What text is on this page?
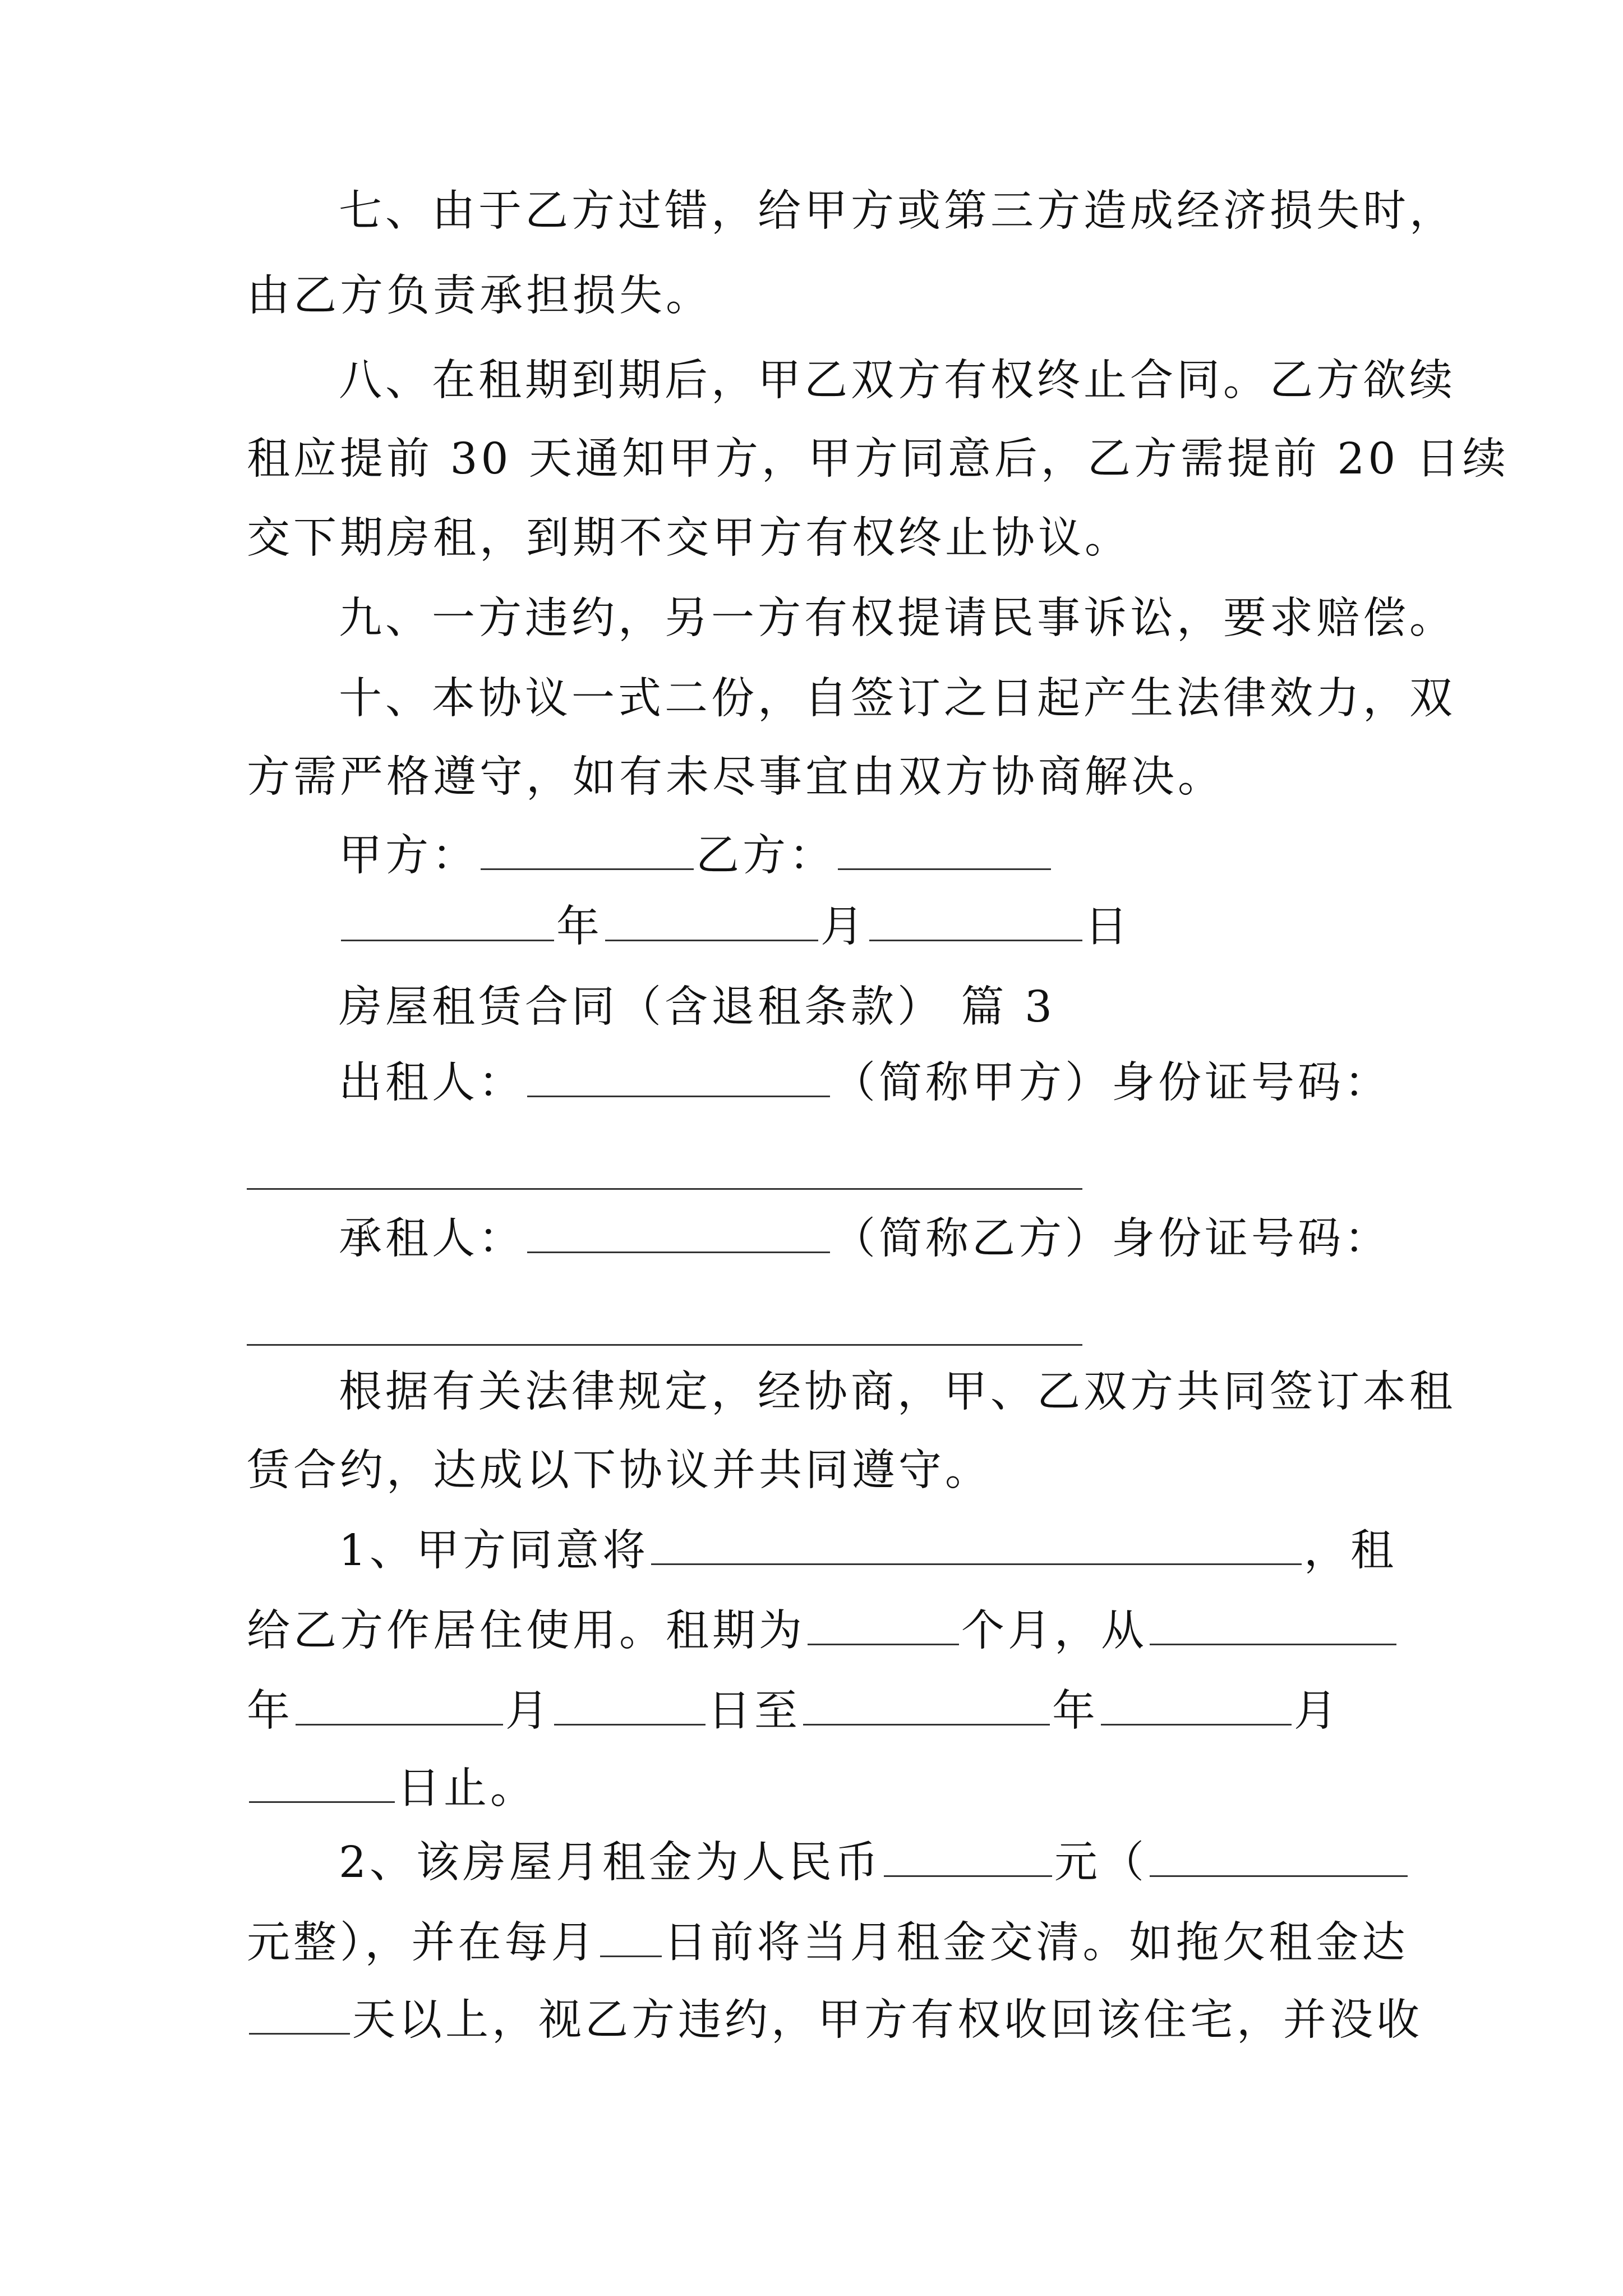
七、由于乙方过错，给甲方或第三方造成经济损失时，
由乙方负责承担损失。
八、在租期到期后，甲乙双方有权终止合同。乙方欲续
租应提前 30 天通知甲方，甲方同意后，乙方需提前 20 日续
交下期房租，到期不交甲方有权终止协议。
九、一方违约，另一方有权提请民事诉讼，要求赔偿。
十、本协议一式二份，自签订之日起产生法律效力，双
方需严格遵守，如有未尽事宜由双方协商解决。
甲方：	乙方：
年	月	日
房屋租赁合同（含退租条款） 篇 3
出租人：	（简称甲方）身份证号码：
承租人：	（简称乙方）身份证号码：
根据有关法律规定，经协商，甲、乙双方共同签订本租
赁合约，达成以下协议并共同遵守。
1、甲方同意将	，租
给乙方作居住使用。租期为	个月，从
年	月	日至	年	月
日止。
2、该房屋月租金为人民币	元（
元整），并在每月 日前将当月租金交清。如拖欠租金达
天以上，视乙方违约，甲方有权收回该住宅，并没收
